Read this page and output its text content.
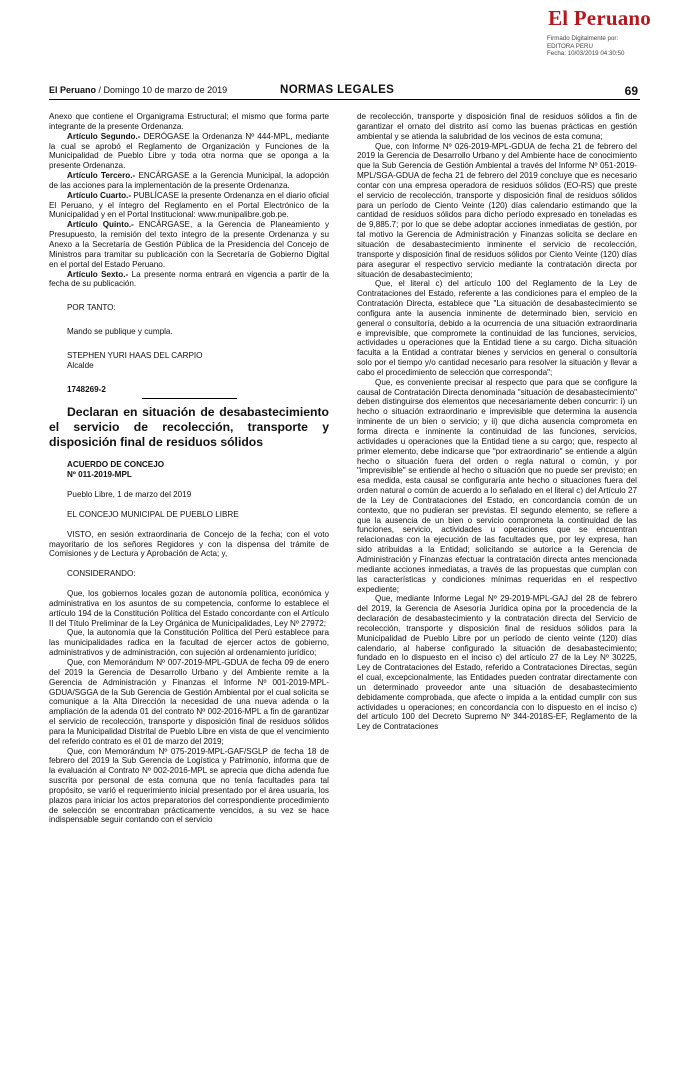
El Peruano
Firmado Digitalmente por:
EDITORA PERU
Fecha: 10/03/2019 04:30:50
El Peruano / Domingo 10 de marzo de 2019	NORMAS LEGALES	69

Anexo que contiene el Organigrama Estructural; el mismo que forma parte integrante de la presente Ordenanza.

Artículo Segundo.- DERÓGASE la Ordenanza Nº 444-MPL, mediante la cual se aprobó el Reglamento de Organización y Funciones de la Municipalidad de Pueblo Libre y toda otra norma que se oponga a la presente Ordenanza.

Artículo Tercero.- ENCÁRGASE a la Gerencia Municipal, la adopción de las acciones para la implementación de la presente Ordenanza.

Artículo Cuarto.- PUBLÍCASE la presente Ordenanza en el diario oficial El Peruano, y el íntegro del Reglamento en el Portal Electrónico de la Municipalidad y en el Portal Institucional: www.munipalibre.gob.pe.

Artículo Quinto.- ENCÁRGASE, a la Gerencia de Planeamiento y Presupuesto, la remisión del texto íntegro de la presente Ordenanza y su Anexo a la Secretaría de Gestión Pública de la Presidencia del Concejo de Ministros para tramitar su publicación con la Secretaría de Gobierno Digital en el portal del Estado Peruano.

Artículo Sexto.- La presente norma entrará en vigencia a partir de la fecha de su publicación.

POR TANTO:

Mando se publique y cumpla.

STEPHEN YURI HAAS DEL CARPIO

Alcalde

1748269-2

Declaran en situación de desabastecimiento el servicio de recolección, transporte y disposición final de residuos sólidos

ACUERDO DE CONCEJO

Nº 011-2019-MPL

Pueblo Libre, 1 de marzo del 2019

EL CONCEJO MUNICIPAL DE PUEBLO LIBRE

VISTO, en sesión extraordinaria de Concejo de la fecha; con el voto mayoritario de los señores Regidores y con la dispensa del trámite de Comisiones y de Lectura y Aprobación de Acta; y,

CONSIDERANDO:

Que, los gobiernos locales gozan de autonomía política, económica y administrativa en los asuntos de su competencia, conforme lo establece el artículo 194 de la Constitución Política del Estado concordante con el Artículo II del Título Preliminar de la Ley Orgánica de Municipalidades, Ley Nº 27972;

Que, la autonomía que la Constitución Política del Perú establece para las municipalidades radica en la facultad de ejercer actos de gobierno, administrativos y de administración, con sujeción al ordenamiento jurídico;

Que, con Memorándum Nº 007-2019-MPL-GDUA de fecha 09 de enero del 2019 la Gerencia de Desarrollo Urbano y del Ambiente remite a la Gerencia de Administración y Finanzas el Informe Nº 001-2019-MPL-GDUA/SGGA de la Sub Gerencia de Gestión Ambiental por el cual solicita se comunique a la Alta Dirección la necesidad de una nueva adenda o la ampliación de la adenda 01 del contrato Nº 002-2016-MPL a fin de garantizar el servicio de recolección, transporte y disposición final de residuos sólidos para la Municipalidad Distrital de Pueblo Libre en vista de que el vencimiento del referido contrato es el 01 de marzo del 2019;

Que, con Memorándum Nº 075-2019-MPL-GAF/SGLP de fecha 18 de febrero del 2019 la Sub Gerencia de Logística y Patrimonio, informa que de la evaluación al Contrato Nº 002-2016-MPL se aprecia que dicha adenda fue suscrita por personal de esta comuna que no tenía facultades para tal propósito, se varió el requerimiento inicial presentado por el área usuaria, los plazos para iniciar los actos preparatorios del correspondiente procedimiento de selección se encontraban prácticamente vencidos, a su vez se hace indispensable seguir contando con el servicio

de recolección, transporte y disposición final de residuos sólidos a fin de garantizar el ornato del distrito así como las buenas prácticas en gestión ambiental y se atienda la salubridad de los vecinos de esta comuna;

Que, con Informe Nº 026-2019-MPL-GDUA de fecha 21 de febrero del 2019 la Gerencia de Desarrollo Urbano y del Ambiente hace de conocimiento que la Sub Gerencia de Gestión Ambiental a través del Informe Nº 051-2019-MPL/SGA-GDUA de fecha 21 de febrero del 2019 concluye que es necesario contar con una empresa operadora de residuos sólidos (EO-RS) que preste el servicio de recolección, transporte y disposición final de residuos sólidos para un período de Ciento Veinte (120) días calendario estimando que la cantidad de residuos sólidos para dicho período expresado en toneladas es de 9,885.7; por lo que se debe adoptar acciones inmediatas de gestión, por tal motivo la Gerencia de Administración y Finanzas solicita se declare en situación de desabastecimiento inminente el servicio de recolección, transporte y disposición final de residuos sólidos por Ciento Veinte (120) días para asegurar el respectivo servicio mediante la contratación directa por situación de desabastecimiento;

Que, el literal c) del artículo 100 del Reglamento de la Ley de Contrataciones del Estado, referente a las condiciones para el empleo de la Contratación Directa, establece que "La situación de desabastecimiento se configura ante la ausencia inminente de determinado bien, servicio en general o consultoría, debido a la ocurrencia de una situación extraordinaria e imprevisible, que compromete la continuidad de las funciones, servicios, actividades u operaciones que la Entidad tiene a su cargo. Dicha situación faculta a la Entidad a contratar bienes y servicios en general o consultoría solo por el tiempo y/o cantidad necesario para resolver la situación y llevar a cabo el procedimiento de selección que corresponda";

Que, es conveniente precisar al respecto que para que se configure la causal de Contratación Directa denominada "situación de desabastecimiento" deben distinguirse dos elementos que necesariamente deben concurrir: i) un hecho o situación extraordinario e imprevisible que determina la ausencia inminente de un bien o servicio; y ii) que dicha ausencia comprometa en forma directa e inminente la continuidad de las funciones, servicios, actividades u operaciones que la Entidad tiene a su cargo; que, respecto al primer elemento, debe indicarse que "por extraordinario" se entiende a algún hecho o situación fuera del orden o regla natural o común, y por "imprevisible" se entiende al hecho o situación que no puede ser previsto; en esa medida, esta causal se configuraría ante hecho o situaciones fuera del orden natural o común de acuerdo a lo señalado en el literal c) del Artículo 27 de la Ley de Contrataciones del Estado, en concordancia común de un contexto, que no pudieran ser previstas. El segundo elemento, se refiere a que la ausencia de un bien o servicio comprometa la continuidad de las funciones, servicio, actividades u operaciones que se encuentran relacionadas con la ejecución de las facultades que, por ley expresa, han sido atribuidas a la Entidad; solicitando se autorice a la Gerencia de Administración y Finanzas efectuar la contratación directa antes mencionada mediante acciones inmediatas, a través de las propuestas que cumplan con las características y condiciones mínimas requeridas en el respectivo expediente;

Que, mediante Informe Legal Nº 29-2019-MPL-GAJ del 28 de febrero del 2019, la Gerencia de Asesoría Jurídica opina por la procedencia de la declaración de desabastecimiento y la contratación directa del Servicio de recolección, transporte y disposición final de residuos sólidos para la Municipalidad de Pueblo Libre por un período de ciento veinte (120) días calendario, al haberse configurado la situación de desabastecimiento; fundado en lo dispuesto en el inciso c) del artículo 27 de la Ley Nº 30225, Ley de Contrataciones del Estado, referido a Contrataciones Directas, según el cual, excepcionalmente, las Entidades pueden contratar directamente con un determinado proveedor ante una situación de desabastecimiento debidamente comprobada, que afecte o impida a la entidad cumplir con sus actividades u operaciones; en concordancia con lo dispuesto en el inciso c) del artículo 100 del Decreto Supremo Nº 344-2018S-EF, Reglamento de la Ley de Contrataciones
